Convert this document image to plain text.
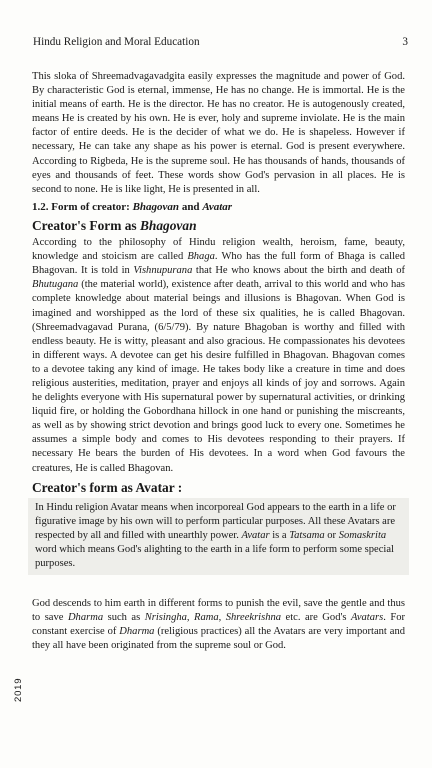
Hindu Religion and Moral Education	3

This sloka of Shreemadvagavadgita easily expresses the magnitude and power of God. By characteristic God is eternal, immense, He has no change. He is immortal. He is the initial means of earth. He is the director. He has no creator. He is autogenously created, means He is created by his own. He is ever, holy and supreme inviolate. He is the main factor of entire deeds. He is the decider of what we do. He is shapeless. However if necessary, He can take any shape as his power is eternal. God is present everywhere. According to Rigbeda, He is the supreme soul. He has thousands of hands, thousands of eyes and thousands of feet. These words show God's pervasion in all places. He is second to none. He is like light, He is presented in all.

1.2. Form of creator: Bhagovan and Avatar
Creator's Form as Bhagovan

According to the philosophy of Hindu religion wealth, heroism, fame, beauty, knowledge and stoicism are called Bhaga. Who has the full form of Bhaga is called Bhagovan. It is told in Vishnupurana that He who knows about the birth and death of Bhutugana (the material world), existence after death, arrival to this world and who has complete knowledge about material beings and illusions is Bhagovan. When God is imagined and worshipped as the lord of these six qualities, he is called Bhagovan. (Shreemadvagavad Purana, (6/5/79). By nature Bhagoban is worthy and filled with endless beauty. He is witty, pleasant and also gracious. He compassionates his devotees in different ways. A devotee can get his desire fulfilled in Bhagovan. Bhagovan comes to a devotee taking any kind of image. He takes body like a creature in time and does religious austerities, meditation, prayer and enjoys all kinds of joy and sorrows. Again he delights everyone with His supernatural power by supernatural activities, or drinking liquid fire, or holding the Gobordhana hillock in one hand or punishing the miscreants, as well as by showing strict devotion and brings good luck to every one. Sometimes he assumes a simple body and comes to His devotees responding to their prayers. If necessary He bears the burden of His devotees. In a word when God favours the creatures, He is called Bhagovan.

Creator's form as Avatar :

In Hindu religion Avatar means when incorporeal God appears to the earth in a life or figurative image by his own will to perform particular purposes. All these Avatars are respected by all and filled with unearthly power. Avatar is a Tatsama or Somaskrita word which means God's alighting to the earth in a life form to perform some special purposes.

God descends to him earth in different forms to punish the evil, save the gentle and thus to save Dharma such as Nrisingha, Rama, Shreekrishna etc. are God's Avatars. For constant exercise of Dharma (religious practices) all the Avatars are very important and they all have been originated from the supreme soul or God.

2019
